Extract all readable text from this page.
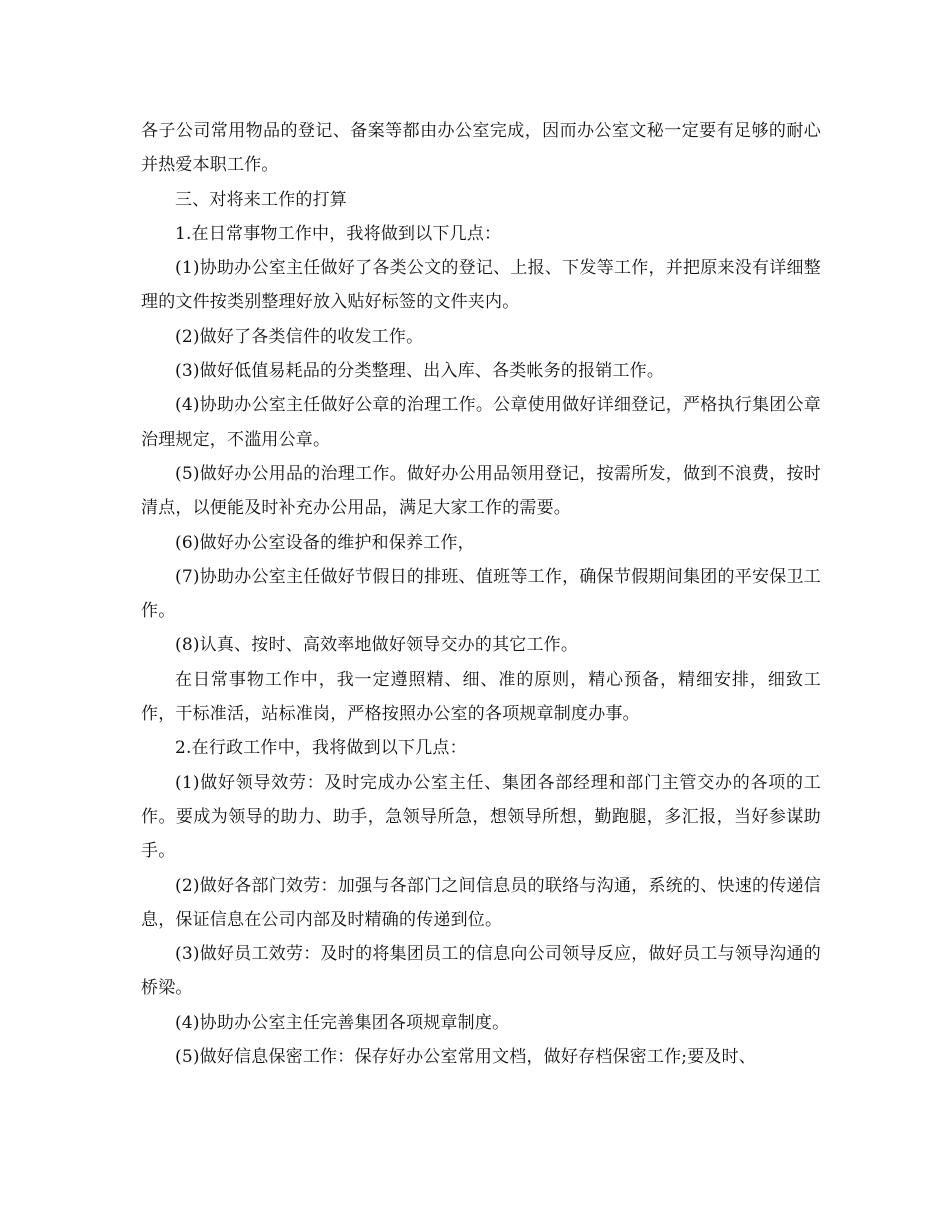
各子公司常用物品的登记、备案等都由办公室完成，因而办公室文秘一定要有足够的耐心并热爱本职工作。

三、对将来工作的打算

1.在日常事物工作中，我将做到以下几点：

(1)协助办公室主任做好了各类公文的登记、上报、下发等工作，并把原来没有详细整理的文件按类别整理好放入贴好标签的文件夹内。

(2)做好了各类信件的收发工作。

(3)做好低值易耗品的分类整理、出入库、各类帐务的报销工作。

(4)协助办公室主任做好公章的治理工作。公章使用做好详细登记，严格执行集团公章治理规定，不滥用公章。

(5)做好办公用品的治理工作。做好办公用品领用登记，按需所发，做到不浪费，按时清点，以便能及时补充办公用品，满足大家工作的需要。

(6)做好办公室设备的维护和保养工作，

(7)协助办公室主任做好节假日的排班、值班等工作，确保节假期间集团的平安保卫工作。

(8)认真、按时、高效率地做好领导交办的其它工作。

在日常事物工作中，我一定遵照精、细、准的原则，精心预备，精细安排，细致工作，干标准活，站标准岗，严格按照办公室的各项规章制度办事。

2.在行政工作中，我将做到以下几点：

(1)做好领导效劳：及时完成办公室主任、集团各部经理和部门主管交办的各项的工作。要成为领导的助力、助手，急领导所急，想领导所想，勤跑腿，多汇报，当好参谋助手。

(2)做好各部门效劳：加强与各部门之间信息员的联络与沟通，系统的、快速的传递信息，保证信息在公司内部及时精确的传递到位。

(3)做好员工效劳：及时的将集团员工的信息向公司领导反应，做好员工与领导沟通的桥梁。

(4)协助办公室主任完善集团各项规章制度。

(5)做好信息保密工作：保存好办公室常用文档，做好存档保密工作;要及时、
